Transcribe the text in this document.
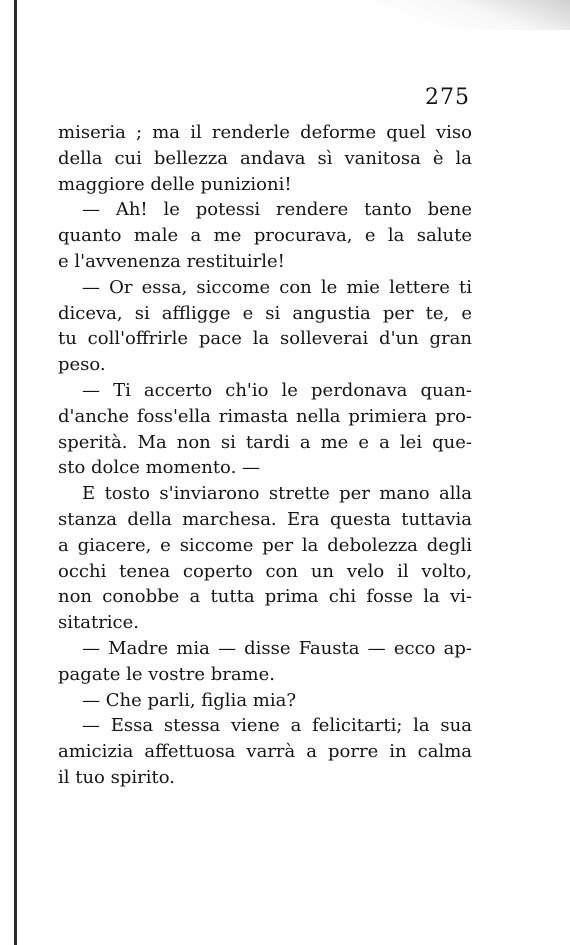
275
miseria ; ma il renderle deforme quel viso
della cui bellezza andava sì vanitosa è la
maggiore delle punizioni!
— Ah! le potessi rendere tanto bene
quanto male a me procurava, e la salute
e l'avvenenza restituirle!
— Or essa, siccome con le mie lettere ti
diceva, si affligge e si angustia per te, e
tu coll'offrirle pace la solleverai d'un gran
peso.
— Ti accerto ch'io le perdonava quan-
d'anche foss'ella rimasta nella primiera pro-
sperità. Ma non si tardi a me e a lei que-
sto dolce momento. —
E tosto s'inviarono strette per mano alla
stanza della marchesa. Era questa tuttavia
a giacere, e siccome per la debolezza degli
occhi tenea coperto con un velo il volto,
non conobbe a tutta prima chi fosse la vi-
sitatrice.
— Madre mia — disse Fausta — ecco ap-
pagate le vostre brame.
— Che parli, figlia mia?
— Essa stessa viene a felicitarti; la sua
amicizia affettuosa varrà a porre in calma
il tuo spirito.
